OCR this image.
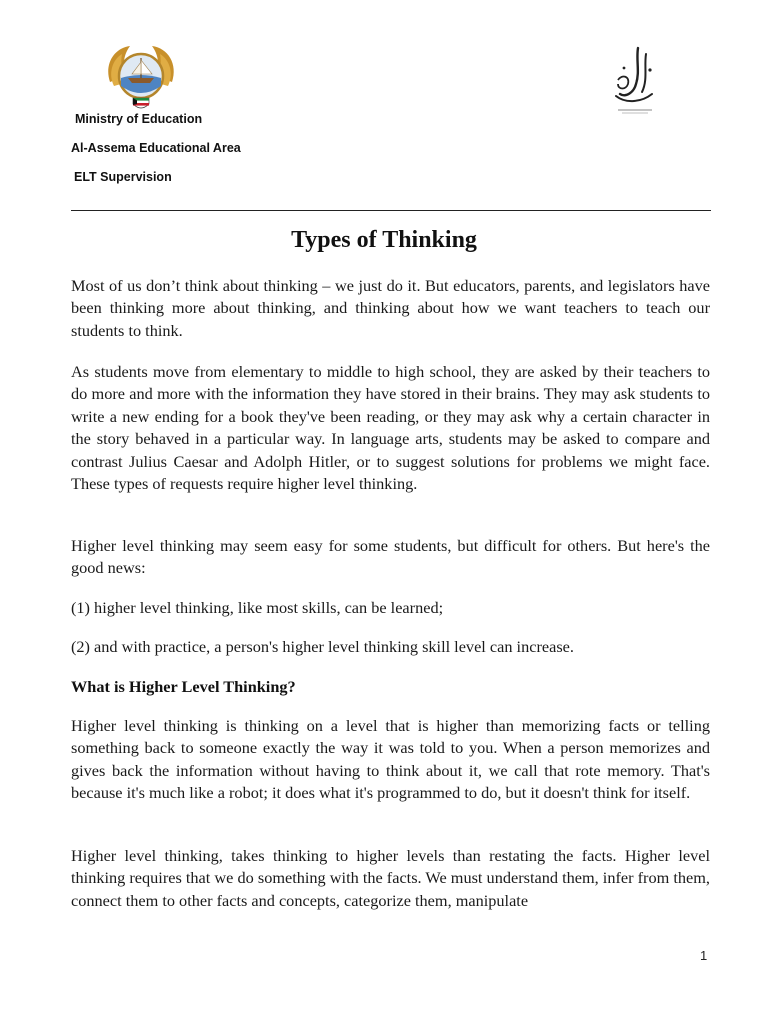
Ministry of Education
Al-Assema Educational Area
ELT Supervision
Types of Thinking

Most of us don’t think about thinking – we just do it. But educators, parents, and legislators have been thinking more about thinking, and thinking about how we want teachers to teach our students to think.

As students move from elementary to middle to high school, they are asked by their teachers to do more and more with the information they have stored in their brains. They may ask students to write a new ending for a book they've been reading, or they may ask why a certain character in the story behaved in a particular way. In language arts, students may be asked to compare and contrast Julius Caesar and Adolph Hitler, or to suggest solutions for problems we might face. These types of requests require higher level thinking.

Higher level thinking may seem easy for some students, but difficult for others. But here's the good news:

(1) higher level thinking, like most skills, can be learned;

(2) and with practice, a person's higher level thinking skill level can increase.

What is Higher Level Thinking?

Higher level thinking is thinking on a level that is higher than memorizing facts or telling something back to someone exactly the way it was told to you. When a person memorizes and gives back the information without having to think about it, we call that rote memory. That's because it's much like a robot; it does what it's programmed to do, but it doesn't think for itself.

Higher level thinking, takes thinking to higher levels than restating the facts. Higher level thinking requires that we do something with the facts. We must understand them, infer from them, connect them to other facts and concepts, categorize them, manipulate

1
